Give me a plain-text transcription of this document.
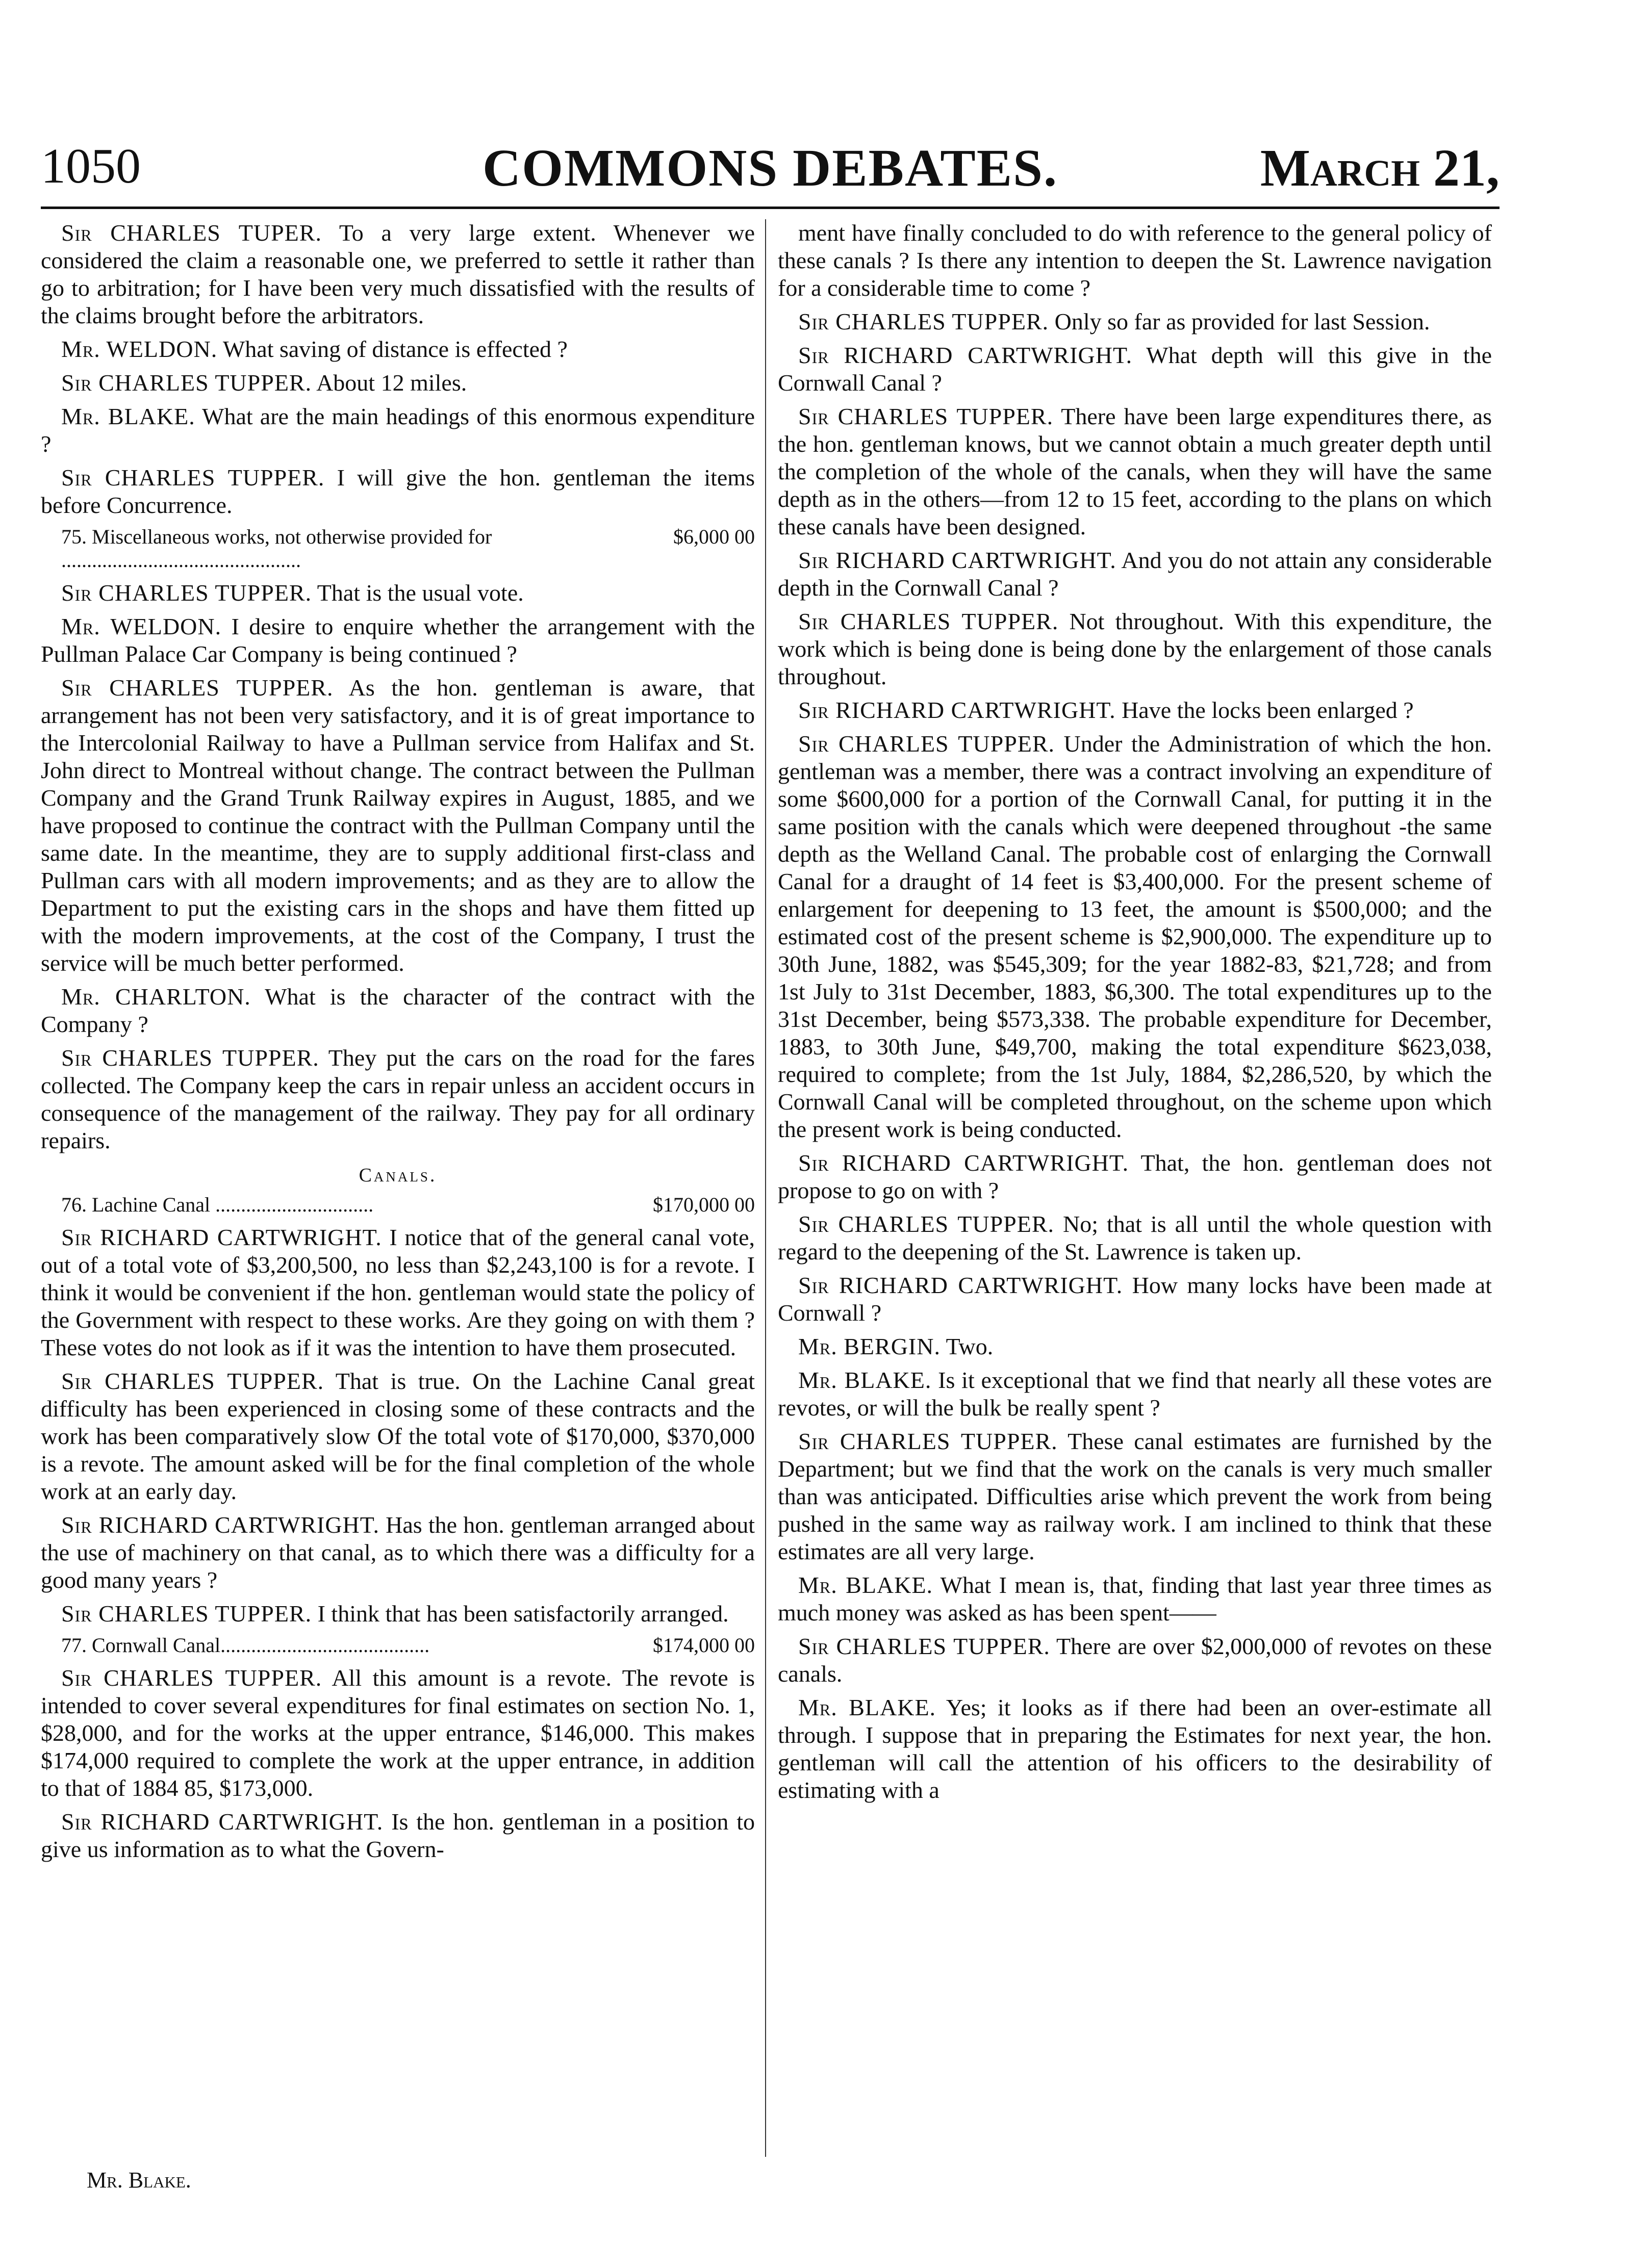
1050	COMMONS DEBATES.	March 21,

Sir CHARLES TUPER. To a very large extent. Whenever we considered the claim a reasonable one, we preferred to settle it rather than go to arbitration; for I have been very much dissatisfied with the results of the claims brought before the arbitrators.

Mr. WELDON. What saving of distance is effected ?

Sir CHARLES TUPPER. About 12 miles.

Mr. BLAKE. What are the main headings of this enormous expenditure ?

Sir CHARLES TUPPER. I will give the hon. gentleman the items before Concurrence.

$6,000 00
75. Miscellaneous works, not otherwise provided for ...............................................

Sir CHARLES TUPPER. That is the usual vote.

Mr. WELDON. I desire to enquire whether the arrangement with the Pullman Palace Car Company is being continued ?

Sir CHARLES TUPPER. As the hon. gentleman is aware, that arrangement has not been very satisfactory, and it is of great importance to the Intercolonial Railway to have a Pullman service from Halifax and St. John direct to Montreal without change. The contract between the Pullman Company and the Grand Trunk Railway expires in August, 1885, and we have proposed to continue the contract with the Pullman Company until the same date. In the meantime, they are to supply additional first-class and Pullman cars with all modern improvements; and as they are to allow the Department to put the existing cars in the shops and have them fitted up with the modern improvements, at the cost of the Company, I trust the service will be much better performed.

Mr. CHARLTON. What is the character of the contract with the Company ?

Sir CHARLES TUPPER. They put the cars on the road for the fares collected. The Company keep the cars in repair unless an accident occurs in consequence of the management of the railway. They pay for all ordinary repairs.

Canals.
$170,000 00
76. Lachine Canal ...............................

Sir RICHARD CARTWRIGHT. I notice that of the general canal vote, out of a total vote of $3,200,500, no less than $2,243,100 is for a revote. I think it would be convenient if the hon. gentleman would state the policy of the Government with respect to these works. Are they going on with them ? These votes do not look as if it was the intention to have them prosecuted.

Sir CHARLES TUPPER. That is true. On the Lachine Canal great difficulty has been experienced in closing some of these contracts and the work has been comparatively slow Of the total vote of $170,000, $370,000 is a revote. The amount asked will be for the final completion of the whole work at an early day.

Sir RICHARD CARTWRIGHT. Has the hon. gentleman arranged about the use of machinery on that canal, as to which there was a difficulty for a good many years ?

Sir CHARLES TUPPER. I think that has been satisfactorily arranged.

$174,000 00
77. Cornwall Canal.........................................

Sir CHARLES TUPPER. All this amount is a revote. The revote is intended to cover several expenditures for final estimates on section No. 1, $28,000, and for the works at the upper entrance, $146,000. This makes $174,000 required to complete the work at the upper entrance, in addition to that of 1884 85, $173,000.

Sir RICHARD CARTWRIGHT. Is the hon. gentleman in a position to give us information as to what the Govern-

ment have finally concluded to do with reference to the general policy of these canals ? Is there any intention to deepen the St. Lawrence navigation for a considerable time to come ?

Sir CHARLES TUPPER. Only so far as provided for last Session.

Sir RICHARD CARTWRIGHT. What depth will this give in the Cornwall Canal ?

Sir CHARLES TUPPER. There have been large expenditures there, as the hon. gentleman knows, but we cannot obtain a much greater depth until the completion of the whole of the canals, when they will have the same depth as in the others—from 12 to 15 feet, according to the plans on which these canals have been designed.

Sir RICHARD CARTWRIGHT. And you do not attain any considerable depth in the Cornwall Canal ?

Sir CHARLES TUPPER. Not throughout. With this expenditure, the work which is being done is being done by the enlargement of those canals throughout.

Sir RICHARD CARTWRIGHT. Have the locks been enlarged ?

Sir CHARLES TUPPER. Under the Administration of which the hon. gentleman was a member, there was a contract involving an expenditure of some $600,000 for a portion of the Cornwall Canal, for putting it in the same position with the canals which were deepened throughout -the same depth as the Welland Canal. The probable cost of enlarging the Cornwall Canal for a draught of 14 feet is $3,400,000. For the present scheme of enlargement for deepening to 13 feet, the amount is $500,000; and the estimated cost of the present scheme is $2,900,000. The expenditure up to 30th June, 1882, was $545,309; for the year 1882-83, $21,728; and from 1st July to 31st December, 1883, $6,300. The total expenditures up to the 31st December, being $573,338. The probable expenditure for December, 1883, to 30th June, $49,700, making the total expenditure $623,038, required to complete; from the 1st July, 1884, $2,286,520, by which the Cornwall Canal will be completed throughout, on the scheme upon which the present work is being conducted.

Sir RICHARD CARTWRIGHT. That, the hon. gentleman does not propose to go on with ?

Sir CHARLES TUPPER. No; that is all until the whole question with regard to the deepening of the St. Lawrence is taken up.

Sir RICHARD CARTWRIGHT. How many locks have been made at Cornwall ?

Mr. BERGIN. Two.

Mr. BLAKE. Is it exceptional that we find that nearly all these votes are revotes, or will the bulk be really spent ?

Sir CHARLES TUPPER. These canal estimates are furnished by the Department; but we find that the work on the canals is very much smaller than was anticipated. Difficulties arise which prevent the work from being pushed in the same way as railway work. I am inclined to think that these estimates are all very large.

Mr. BLAKE. What I mean is, that, finding that last year three times as much money was asked as has been spent——

Sir CHARLES TUPPER. There are over $2,000,000 of revotes on these canals.

Mr. BLAKE. Yes; it looks as if there had been an over-estimate all through. I suppose that in preparing the Estimates for next year, the hon. gentleman will call the attention of his officers to the desirability of estimating with a

Mr. Blake.
